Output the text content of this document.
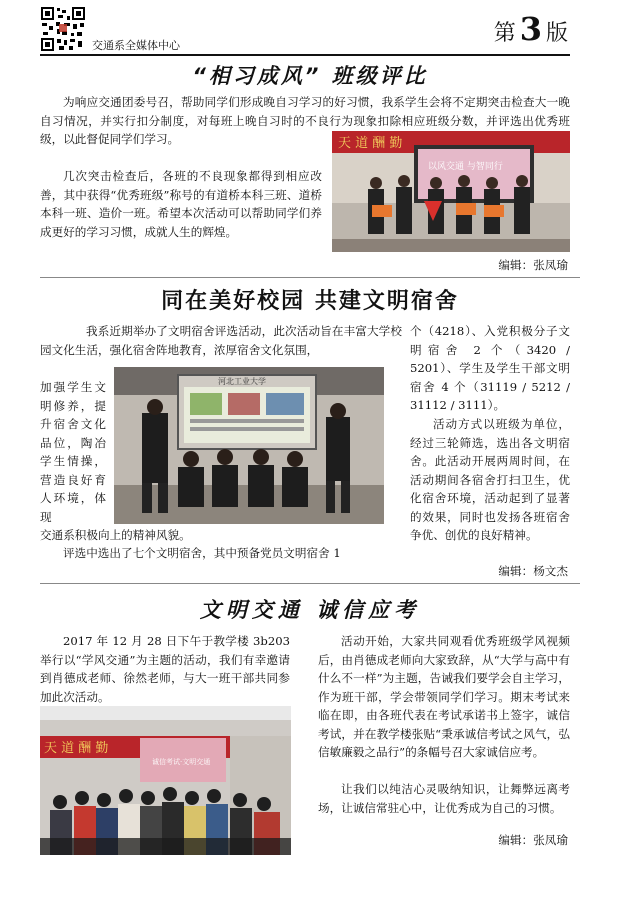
交通系全媒体中心	第 3 版
“相习成风” 班级评比
为响应交通团委号召，帮助同学们形成晚自习学习的好习惯，我系学生会将不定期突击检查大一晚自习情况，并实行扣分制度，对每班上晚自习时的不良行为现象扣除相应班级分数，并评选出优秀班级，以此督促同学们学习。
几次突击检查后，各班的不良现象都得到相应改善，其中获得“优秀班级”称号的有道桥本科三班、道桥本科一班、造价一班。希望本次活动可以帮助同学们养成更好的学习习惯，成就人生的辉煌。
天 道 酬 勤
以风交通 与智同行
编辑：张凤瑜
同在美好校园 共建文明宿舍
我系近期举办了文明宿舍评选活动，此次活动旨在丰富大学校园文化生活，强化宿舍阵地教育，浓厚宿舍文化氛围，
加强学生文明修养，提升宿舍文化品位，陶冶学生情操，营造良好育人环境，体现
交通系积极向上的精神风貌。
评选中选出了七个文明宿舍，其中预备党员文明宿舍 1
河北工业大学
个（4218）、入党积极分子文明宿舍 2 个（3420 / 5201）、学生及学生干部文明宿舍 4 个（31119 / 5212 / 31112 / 3111）。
活动方式以班级为单位，经过三轮筛选，选出各文明宿舍。此活动开展两周时间，在活动期间各宿舍打扫卫生，优化宿舍环境，活动起到了显著的效果，同时也发扬各班宿舍争优、创优的良好精神。
编辑：杨文杰
文明交通 诚信应考
2017 年 12 月 28 日下午于教学楼 3b203 举行以“学风交通”为主题的活动，我们有幸邀请到肖德成老师、徐然老师，与大一班干部共同参加此次活动。
天 道 酬 勤
诚信考试·文明交通
活动开始，大家共同观看优秀班级学风视频后，由肖德成老师向大家致辞，从“大学与高中有什么不一样”为主题，告诫我们要学会自主学习，作为班干部，学会带领同学们学习。期末考试来临在即，由各班代表在考试承诺书上签字，诚信考试，并在教学楼张贴“秉承诚信考试之风气，弘信敏廉毅之品行”的条幅号召大家诚信应考。
让我们以纯洁心灵吸纳知识，让舞弊远离考场，让诚信常驻心中，让优秀成为自己的习惯。
编辑：张凤瑜
